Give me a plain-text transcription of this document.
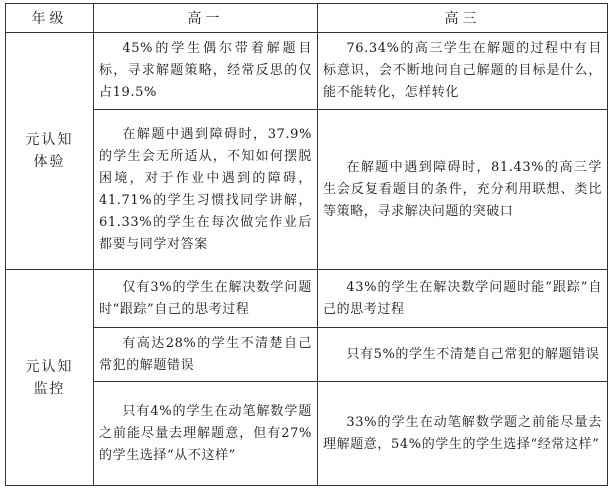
年级	高一	高三

元认知
体验	45%的学生偶尔带着解题目标，寻求解题策略，经常反思的仅占19.5%	76.34%的高三学生在解题的过程中有目标意识，会不断地问自己解题的目标是什么，能不能转化，怎样转化
	在解题中遇到障碍时，37.9%的学生会无所适从，不知如何摆脱困境，对于作业中遇到的障碍，41.71%的学生习惯找同学讲解，61.33%的学生在每次做完作业后都要与同学对答案	在解题中遇到障碍时，81.43%的高三学生会反复看题目的条件，充分利用联想、类比等策略，寻求解决问题的突破口

元认知
监控	仅有3%的学生在解决数学问题时“跟踪”自己的思考过程	43%的学生在解决数学问题时能“跟踪”自己的思考过程
	有高达28%的学生不清楚自己常犯的解题错误	只有5%的学生不清楚自己常犯的解题错误
	只有4%的学生在动笔解数学题之前能尽量去理解题意，但有27%的学生选择“从不这样”	33%的学生在动笔解数学题之前能尽量去理解题意，54%的学生的学生选择“经常这样”
